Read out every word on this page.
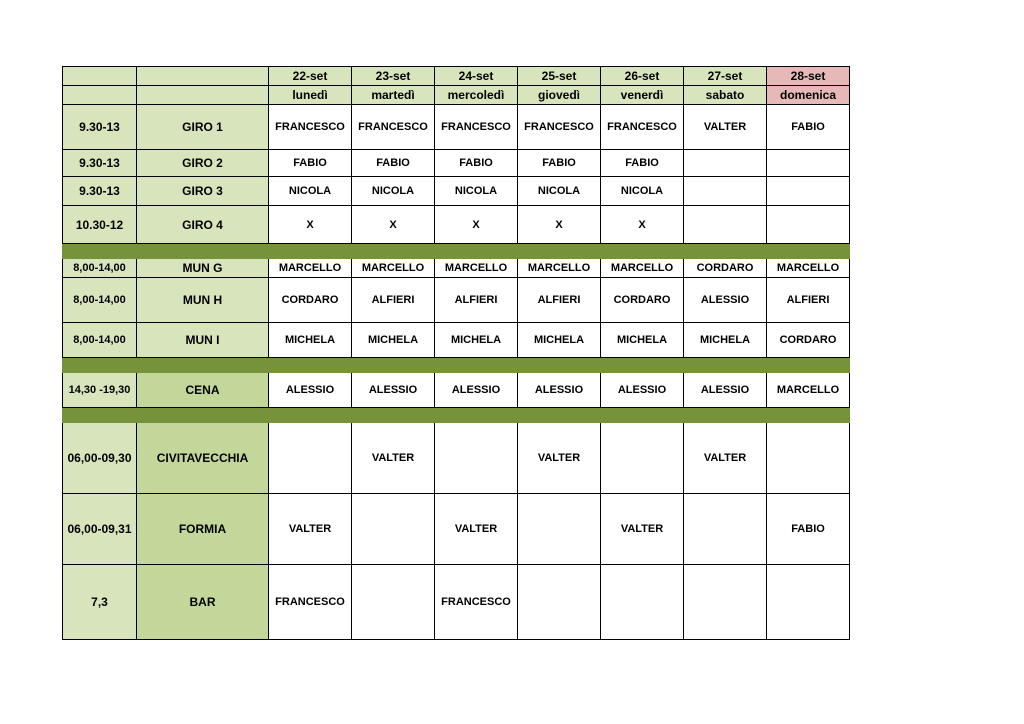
		22-set	23-set	24-set	25-set	26-set	27-set	28-set
		lunedì	martedì	mercoledì	giovedì	venerdì	sabato	domenica
9.30-13	GIRO 1	FRANCESCO	FRANCESCO	FRANCESCO	FRANCESCO	FRANCESCO	VALTER	FABIO
9.30-13	GIRO 2	FABIO	FABIO	FABIO	FABIO	FABIO		
9.30-13	GIRO 3	NICOLA	NICOLA	NICOLA	NICOLA	NICOLA		
10.30-12	GIRO 4	X	X	X	X	X		

8,00-14,00	MUN G	MARCELLO	MARCELLO	MARCELLO	MARCELLO	MARCELLO	CORDARO	MARCELLO
8,00-14,00	MUN H	CORDARO	ALFIERI	ALFIERI	ALFIERI	CORDARO	ALESSIO	ALFIERI
8,00-14,00	MUN I	MICHELA	MICHELA	MICHELA	MICHELA	MICHELA	MICHELA	CORDARO

14,30 -19,30	CENA	ALESSIO	ALESSIO	ALESSIO	ALESSIO	ALESSIO	ALESSIO	MARCELLO

06,00-09,30	CIVITAVECCHIA		VALTER		VALTER		VALTER	
06,00-09,31	FORMIA	VALTER		VALTER		VALTER		FABIO
7,3	BAR	FRANCESCO		FRANCESCO				
